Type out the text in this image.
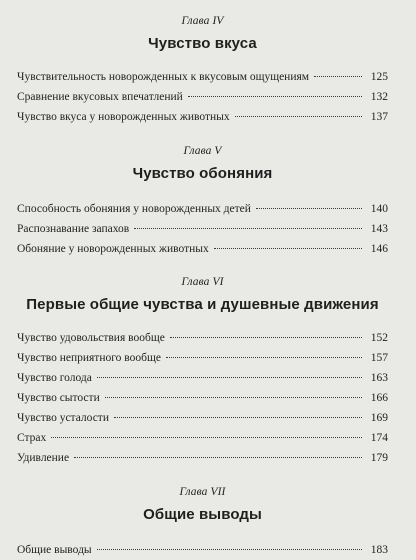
Глава IV

Чувство вкуса
Чувствительность новорожденных к вкусовым ощущениям	125
Сравнение вкусовых впечатлений	132
Чувство вкуса у новорожденных животных	137

Глава V

Чувство обоняния
Способность обоняния у новорожденных детей	140
Распознавание запахов	143
Обоняние у новорожденных животных	146

Глава VI

Первые общие чувства и душевные движения
Чувство удовольствия вообще	152
Чувство неприятного вообще	157
Чувство голода	163
Чувство сытости	166
Чувство усталости	169
Страх	174
Удивление	179

Глава VII

Общие выводы
Общие выводы	183
